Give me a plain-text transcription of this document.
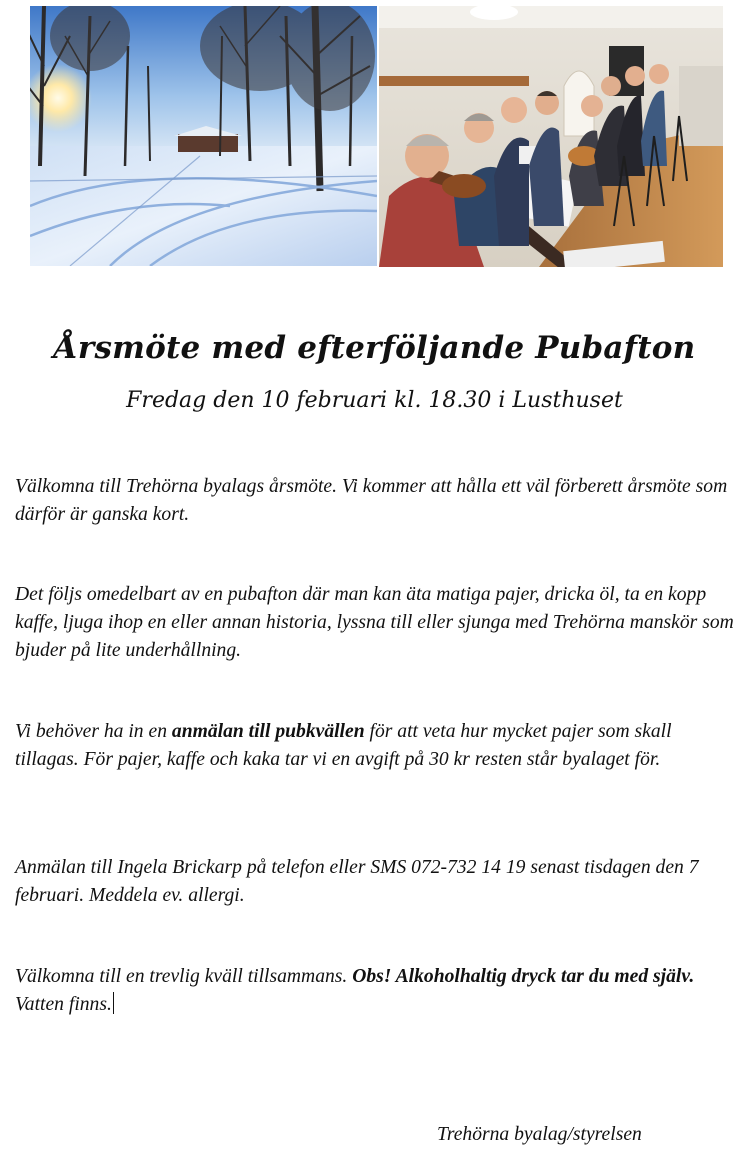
Årsmöte med efterföljande Pubafton
Fredag den 10 februari kl. 18.30 i Lusthuset

Välkomna till Trehörna byalags årsmöte. Vi kommer att hålla ett väl förberett årsmöte som därför är ganska kort.

Det följs omedelbart av en pubafton där man kan äta matiga pajer, dricka öl, ta en kopp kaffe, ljuga ihop en eller annan historia, lyssna till eller sjunga med Trehörna manskör som bjuder på lite underhållning.

Vi behöver ha in en anmälan till pubkvällen för att veta hur mycket pajer som skall tillagas. För pajer, kaffe och kaka tar vi en avgift på 30 kr resten står byalaget för.

Anmälan till Ingela Brickarp på telefon eller SMS 072-732 14 19 senast tisdagen den 7 februari. Meddela ev. allergi.

Välkomna till en trevlig kväll tillsammans. Obs! Alkoholhaltig dryck tar du med själv. Vatten finns.

Trehörna byalag/styrelsen
